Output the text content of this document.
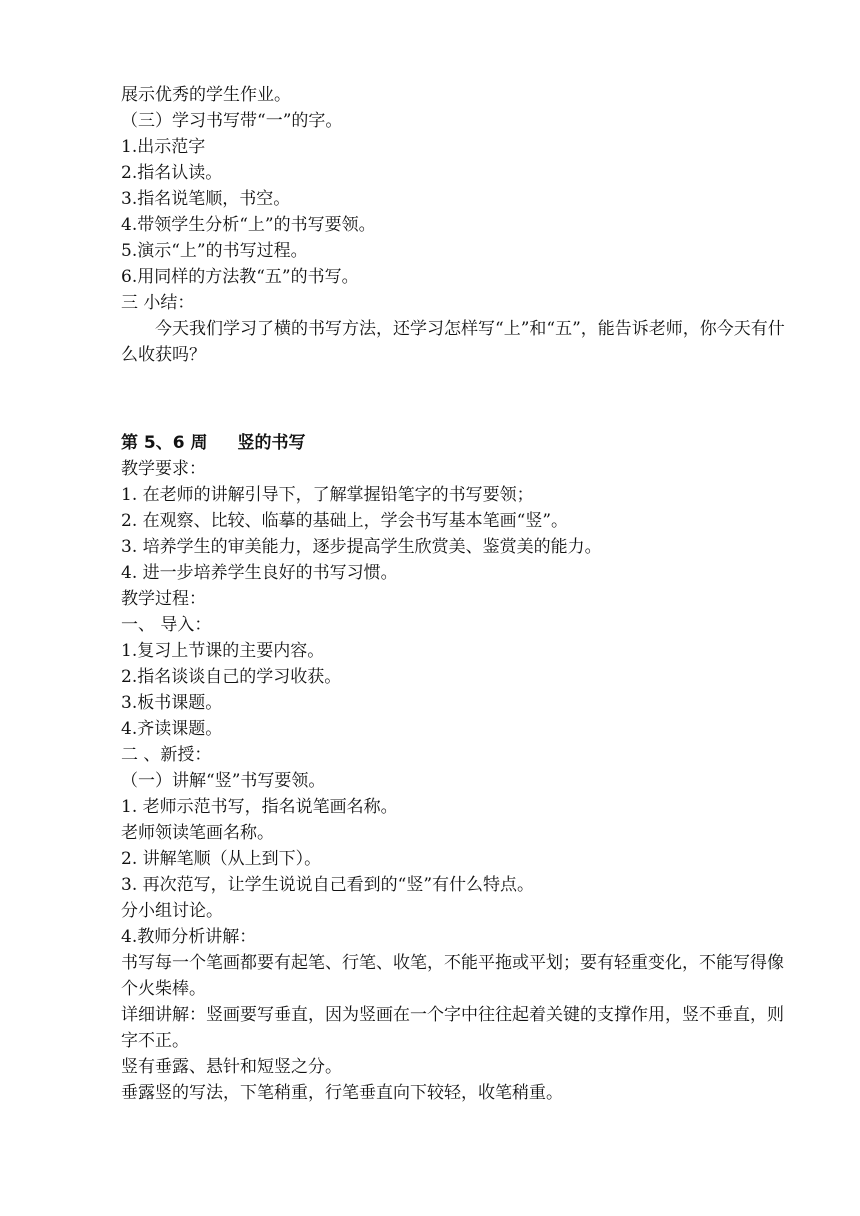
展示优秀的学生作业。
（三）学习书写带“一”的字。
1.出示范字
2.指名认读。
3.指名说笔顺，书空。
4.带领学生分析“上”的书写要领。
5.演示“上”的书写过程。
6.用同样的方法教“五”的书写。
三 小结：
今天我们学习了横的书写方法，还学习怎样写“上”和“五”，能告诉老师，你今天有什么收获吗？
第 5、6 周 竖的书写
教学要求：
1. 在老师的讲解引导下，了解掌握铅笔字的书写要领；
2. 在观察、比较、临摹的基础上，学会书写基本笔画“竖”。
3. 培养学生的审美能力，逐步提高学生欣赏美、鉴赏美的能力。
4. 进一步培养学生良好的书写习惯。
教学过程：
一、 导入：
1.复习上节课的主要内容。
2.指名谈谈自己的学习收获。
3.板书课题。
4.齐读课题。
二 、新授：
（一）讲解“竖”书写要领。
1. 老师示范书写，指名说笔画名称。
老师领读笔画名称。
2. 讲解笔顺（从上到下）。
3. 再次范写，让学生说说自己看到的“竖”有什么特点。
分小组讨论。
4.教师分析讲解：
书写每一个笔画都要有起笔、行笔、收笔，不能平拖或平划；要有轻重变化，不能写得像个火柴棒。
详细讲解：竖画要写垂直，因为竖画在一个字中往往起着关键的支撑作用，竖不垂直，则字不正。
竖有垂露、悬针和短竖之分。
垂露竖的写法，下笔稍重，行笔垂直向下较轻，收笔稍重。
